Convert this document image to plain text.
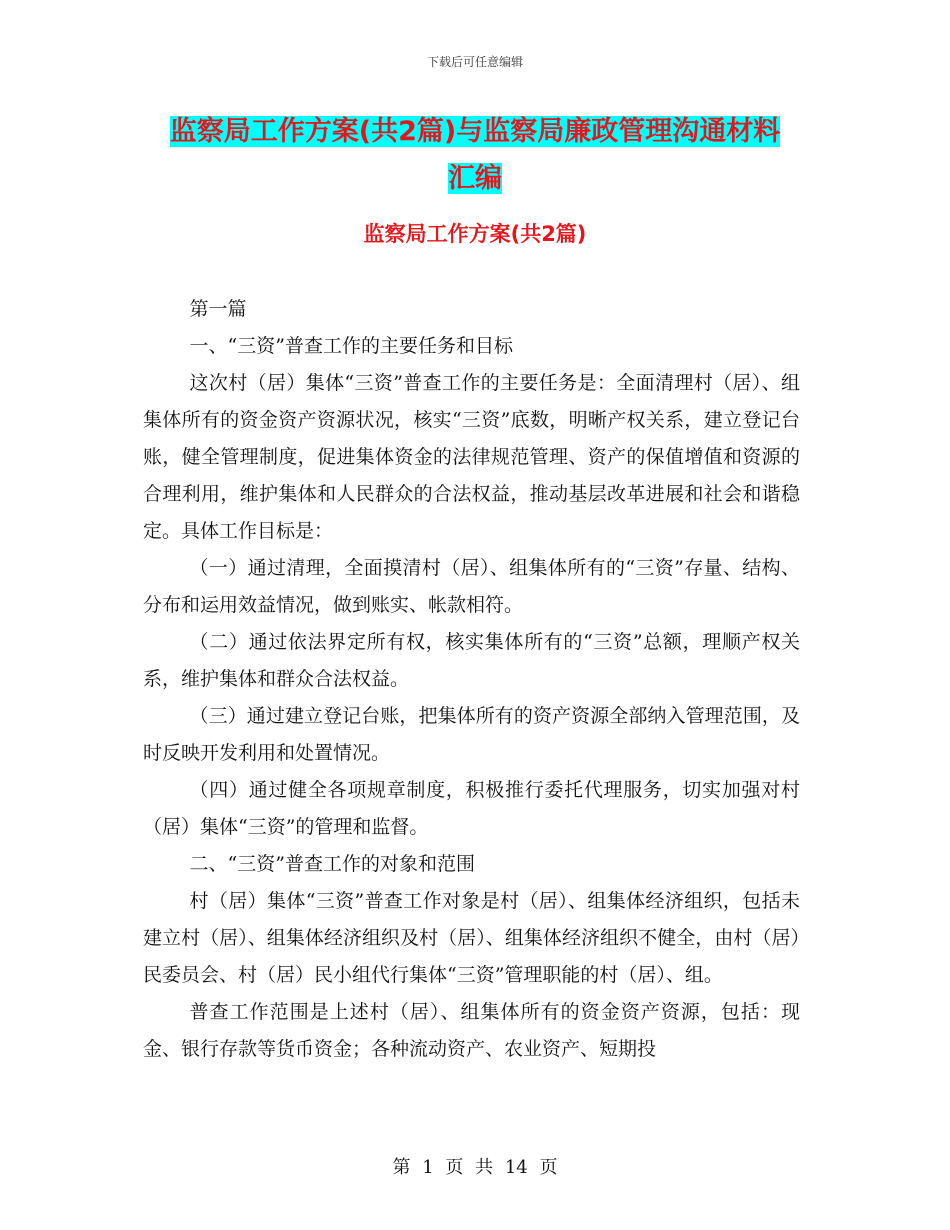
下载后可任意编辑
监察局工作方案(共2篇)与监察局廉政管理沟通材料
汇编
监察局工作方案(共2篇)

第一篇

一、“三资”普查工作的主要任务和目标

这次村（居）集体“三资”普查工作的主要任务是：全面清理村（居）、组集体所有的资金资产资源状况，核实“三资”底数，明晰产权关系，建立登记台账，健全管理制度，促进集体资金的法律规范管理、资产的保值增值和资源的合理利用，维护集体和人民群众的合法权益，推动基层改革进展和社会和谐稳定。具体工作目标是：

（一）通过清理，全面摸清村（居）、组集体所有的“三资”存量、结构、分布和运用效益情况，做到账实、帐款相符。

（二）通过依法界定所有权，核实集体所有的“三资”总额，理顺产权关系，维护集体和群众合法权益。

（三）通过建立登记台账，把集体所有的资产资源全部纳入管理范围，及时反映开发利用和处置情况。

（四）通过健全各项规章制度，积极推行委托代理服务，切实加强对村（居）集体“三资”的管理和监督。

二、“三资”普查工作的对象和范围

村（居）集体“三资”普查工作对象是村（居）、组集体经济组织，包括未建立村（居）、组集体经济组织及村（居）、组集体经济组织不健全，由村（居）民委员会、村（居）民小组代行集体“三资”管理职能的村（居）、组。

普查工作范围是上述村（居）、组集体所有的资金资产资源，包括：现金、银行存款等货币资金；各种流动资产、农业资产、短期投

第 1 页 共 14 页
